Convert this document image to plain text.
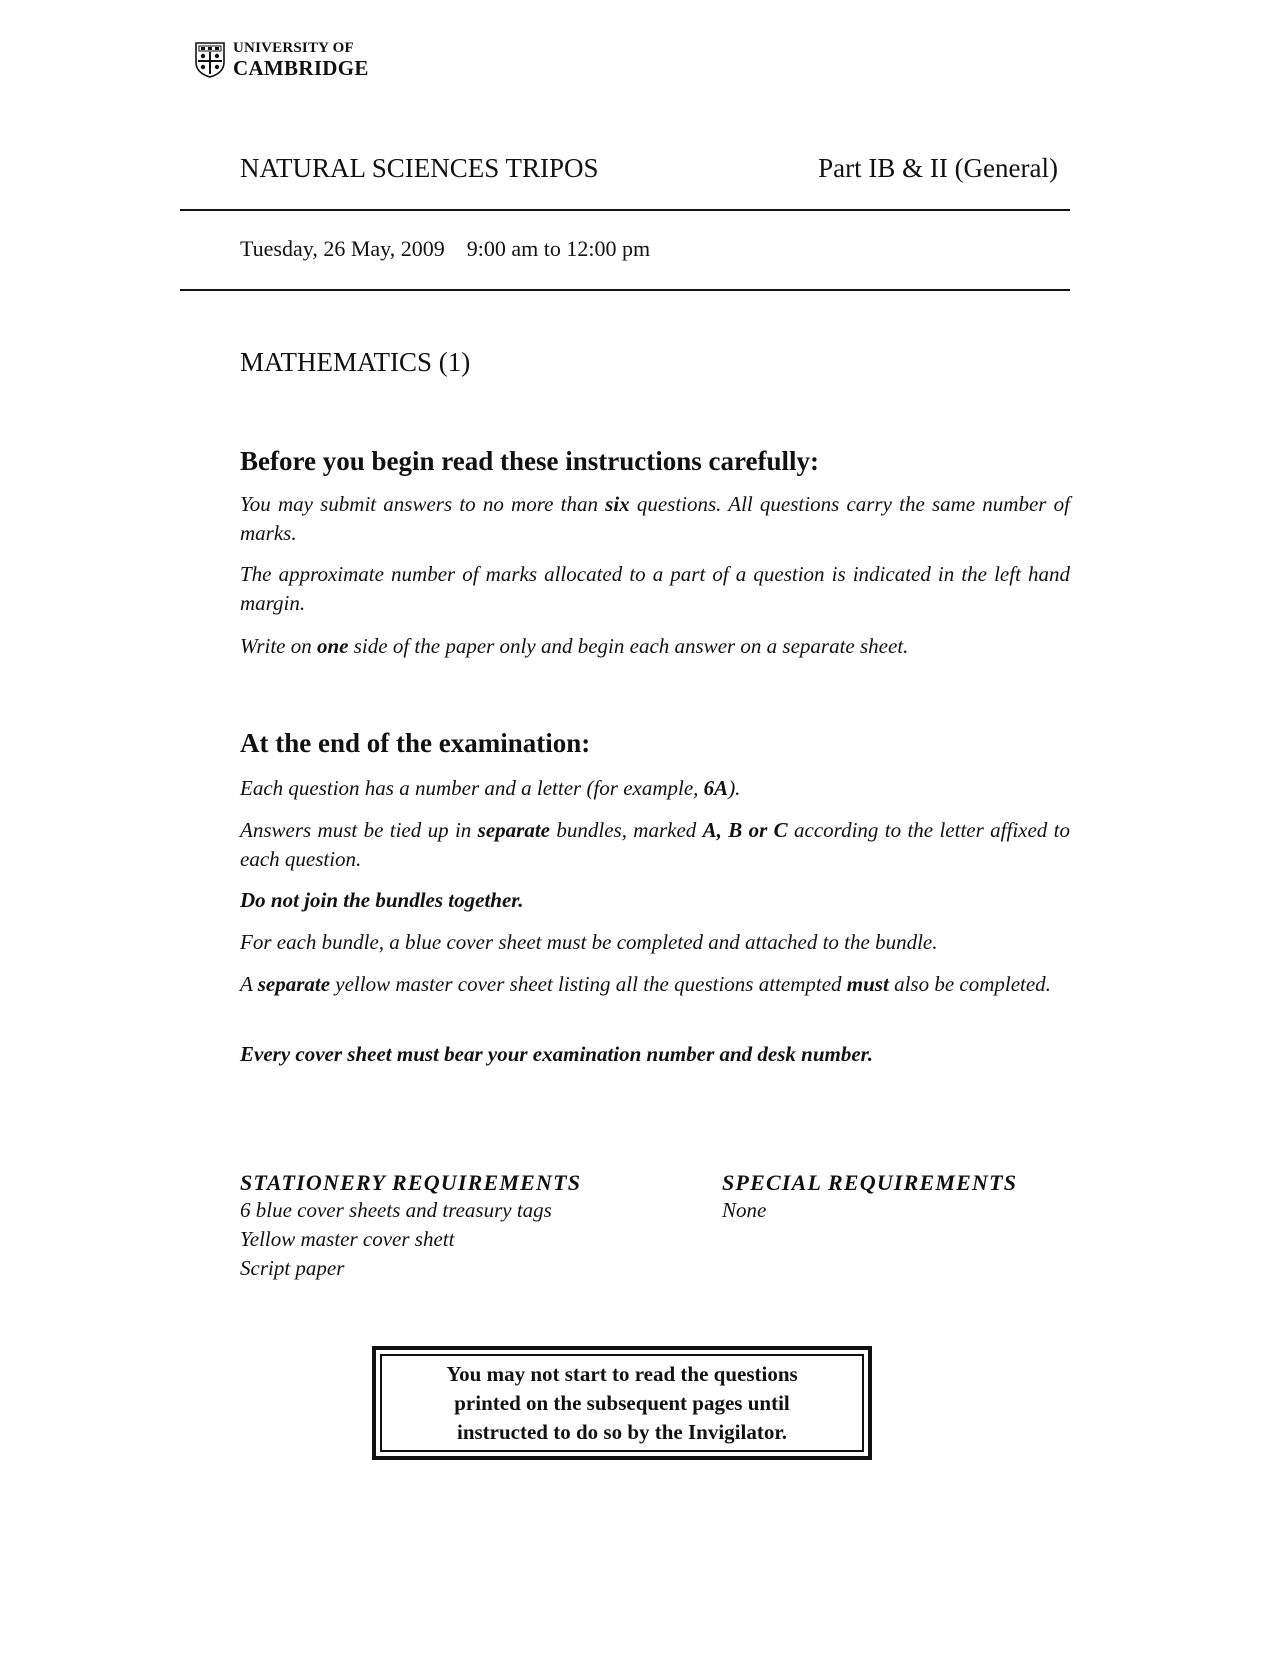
UNIVERSITY OF
CAMBRIDGE
NATURAL SCIENCES TRIPOS	Part IB & II (General)
Tuesday, 26 May, 2009 9:00 am to 12:00 pm
MATHEMATICS (1)
Before you begin read these instructions carefully:
You may submit answers to no more than six questions. All questions carry the same number of marks.
The approximate number of marks allocated to a part of a question is indicated in the left hand margin.
Write on one side of the paper only and begin each answer on a separate sheet.
At the end of the examination:
Each question has a number and a letter (for example, 6A).
Answers must be tied up in separate bundles, marked A, B or C according to the letter affixed to each question.
Do not join the bundles together.
For each bundle, a blue cover sheet must be completed and attached to the bundle.
A separate yellow master cover sheet listing all the questions attempted must also be completed.
Every cover sheet must bear your examination number and desk number.
STATIONERY REQUIREMENTS
6 blue cover sheets and treasury tags
Yellow master cover shett
Script paper
SPECIAL REQUIREMENTS
None
You may not start to read the questions
printed on the subsequent pages until
instructed to do so by the Invigilator.
